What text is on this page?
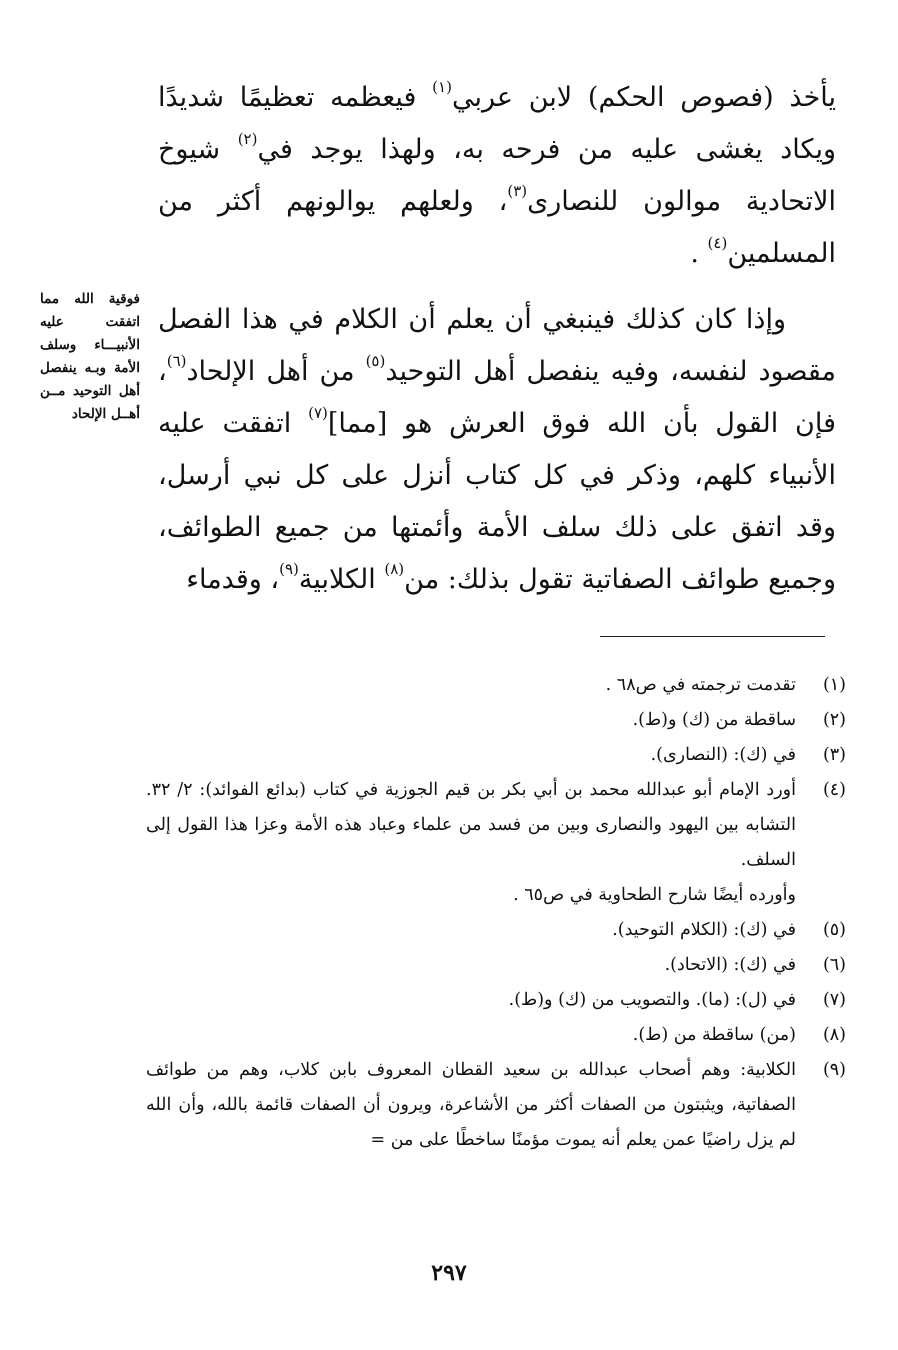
يأخذ (فصوص الحكم) لابن عربي$^{(١)}$ فيعظمه تعظيمًا شديدًا ويكاد يغشى عليه من فرحه به، ولهذا يوجد في$^{(٢)}$ شيوخ الاتحادية موالون للنصارى$^{(٣)}$، ولعلهم يوالونهم أكثر من المسلمين$^{(٤)}$ .

وإذا كان كذلك فينبغي أن يعلم أن الكلام في هذا الفصل مقصود لنفسه، وفيه ينفصل أهل التوحيد$^{(٥)}$ من أهل الإلحاد$^{(٦)}$، فإن القول بأن الله فوق العرش هو [مما]$^{(٧)}$ اتفقت عليه الأنبياء كلهم، وذكر في كل كتاب أنزل على كل نبي أرسل، وقد اتفق على ذلك سلف الأمة وأئمتها من جميع الطوائف، وجميع طوائف الصفاتية تقول بذلك: من$^{(٨)}$ الكلابية$^{(٩)}$، وقدماء

فوقية الله مما اتفقت عليه الأنبيـــاء وسلف الأمة وبـه ينفصل أهل التوحيد مــن أهــل الإلحاد
(١)
تقدمت ترجمته في ص٦٨ .
(٢)
ساقطة من (ك) و(ط).
(٣)
في (ك): (النصارى).
(٤)
أورد الإمام أبو عبدالله محمد بن أبي بكر بن قيم الجوزية في كتاب (بدائع الفوائد): ٢/ ٣٢. التشابه بين اليهود والنصارى وبين من فسد من علماء وعباد هذه الأمة وعزا هذا القول إلى السلف.
وأورده أيضًا شارح الطحاوية في ص٦٥ .
(٥)
في (ك): (الكلام التوحيد).
(٦)
في (ك): (الاتحاد).
(٧)
في (ل): (ما). والتصويب من (ك) و(ط).
(٨)
(من) ساقطة من (ط).
(٩)
الكلابية: وهم أصحاب عبدالله بن سعيد القطان المعروف بابن كلاب، وهم من طوائف الصفاتية، ويثبتون من الصفات أكثر من الأشاعرة، ويرون أن الصفات قائمة بالله، وأن الله لم يزل راضيًا عمن يعلم أنه يموت مؤمنًا ساخطًا على من =
٢٩٧
